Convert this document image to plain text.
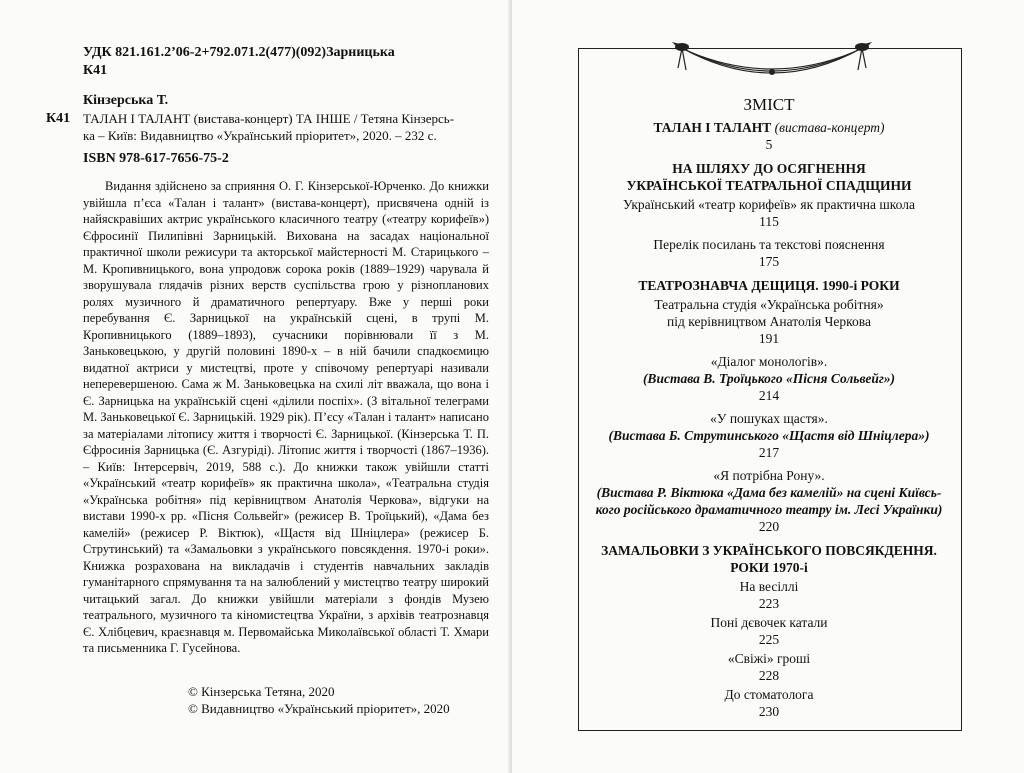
УДК 821.161.2’06-2+792.071.2(477)(092)Зарницька
К41
Кінзерська Т.
К41
ТАЛАН І ТАЛАНТ (вистава-концерт) ТА ІНШЕ / Тетяна Кінзерсь-
ка – Київ: Видавництво «Український пріоритет», 2020. – 232 с.
ISBN 978-617-7656-75-2

Видання здійснено за сприяння О. Г. Кінзерської-Юрченко. До книжки увійшла п’єса «Талан і талант» (вистава-концерт), присвячена одній із найяскравіших актрис українського класичного театру («театру корифеїв») Єфросинії Пилипівні Зарницькій. Вихована на засадах національної практичної школи режисури та акторської майстерності М. Старицького – М. Кропивницького, вона упродовж сорока років (1889–1929) чарувала й зворушувала глядачів різних верств суспільства грою у різнопланових ролях музичного й драматичного репертуару. Вже у перші роки перебування Є. Зарницької на українській сцені, в трупі М. Кропивницького (1889–1893), сучасники порівнювали її з М. Заньковецькою, у другій половині 1890-х – в ній бачили спадкоємицю видатної актриси у мистецтві, проте у співочому репертуарі називали неперевершеною. Сама ж М. Заньковецька на схилі літ вважала, що вона і Є. Зарницька на українській сцені «ділили поспіх». (З вітальної телеграми М. Заньковецької Є. Зарницькій. 1929 рік). П’єсу «Талан і талант» написано за матеріалами літопису життя і творчості Є. Зарницької. (Кінзерська Т. П. Єфросинія Зарницька (Є. Азгуріді). Літопис життя і творчості (1867–1936). – Київ: Інтерсервіч, 2019, 588 с.). До книжки також увійшли статті «Український «театр корифеїв» як практична школа», «Театральна студія «Українська робітня» під керівництвом Анатолія Черкова», відгуки на вистави 1990-х рр. «Пісня Сольвейг» (режисер В. Троїцький), «Дама без камелій» (режисер Р. Віктюк), «Щастя від Шніцлера» (режисер Б. Струтинський) та «Замальовки з українського повсякдення. 1970-і роки». Книжка розрахована на викладачів і студентів навчальних закладів гуманітарного спрямування та на залюблений у мистецтво театру широкий читацький загал. До книжки увійшли матеріали з фондів Музею театрального, музичного та кіномистецтва України, з архівів театрознавця Є. Хлібцевич, краєзнавця м. Первомайська Миколаївської області Т. Хмари та письменника Г. Гусейнова.

© Кінзерська Тетяна, 2020
© Видавництво «Український пріоритет», 2020
ЗМІСТ
ТАЛАН І ТАЛАНТ (вистава-концерт)
5
НА ШЛЯХУ ДО ОСЯГНЕННЯ
УКРАЇНСЬКОЇ ТЕАТРАЛЬНОЇ СПАДЩИНИ
Український «театр корифеїв» як практична школа
115
Перелік посилань та текстові пояснення
175
ТЕАТРОЗНАВЧА ДЕЩИЦЯ. 1990-і РОКИ
Театральна студія «Українська робітня»
під керівництвом Анатолія Черкова
191
«Діалог монологів».
(Вистава В. Троїцького «Пісня Сольвейг»)
214
«У пошуках щастя».
(Вистава Б. Струтинського «Щастя від Шніцлера»)
217
«Я потрібна Рону».
(Вистава Р. Віктюка «Дама без камелій» на сцені Київсь-
кого російського драматичного театру ім. Лесі Українки)
220
ЗАМАЛЬОВКИ З УКРАЇНСЬКОГО ПОВСЯКДЕННЯ.
РОКИ 1970-і
На весіллі
223
Поні дєвочек катали
225
«Свіжі» гроші
228
До стоматолога
230
